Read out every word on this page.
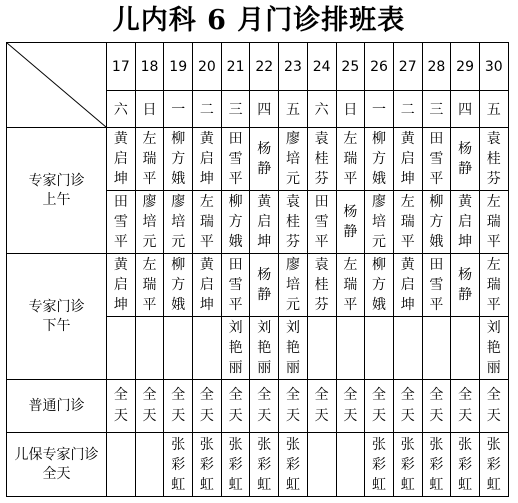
儿内科 6 月门诊排班表
	17	18	19	20	21	22	23	24	25	26	27	28	29	30
	六	日	一	二	三	四	五	六	日	一	二	三	四	五

专家门诊
上午	黄启坤	左瑞平	柳方娥	黄启坤	田雪平	杨静	廖培元	袁桂芬	左瑞平	柳方娥	黄启坤	田雪平	杨静	袁桂芬
	田雪平	廖培元	廖培元	左瑞平	柳方娥	黄启坤	袁桂芬	田雪平	杨静	廖培元	左瑞平	柳方娥	黄启坤	左瑞平

专家门诊
下午	黄启坤	左瑞平	柳方娥	黄启坤	田雪平	杨静	廖培元	袁桂芬	左瑞平	柳方娥	黄启坤	田雪平	杨静	左瑞平
					刘艳丽	刘艳丽	刘艳丽							刘艳丽
普通门诊	全天	全天	全天	全天	全天	全天	全天	全天	全天	全天	全天	全天	全天	全天

儿保专家门诊
全天			张彩虹	张彩虹	张彩虹	张彩虹	张彩虹			张彩虹	张彩虹	张彩虹	张彩虹	张彩虹
